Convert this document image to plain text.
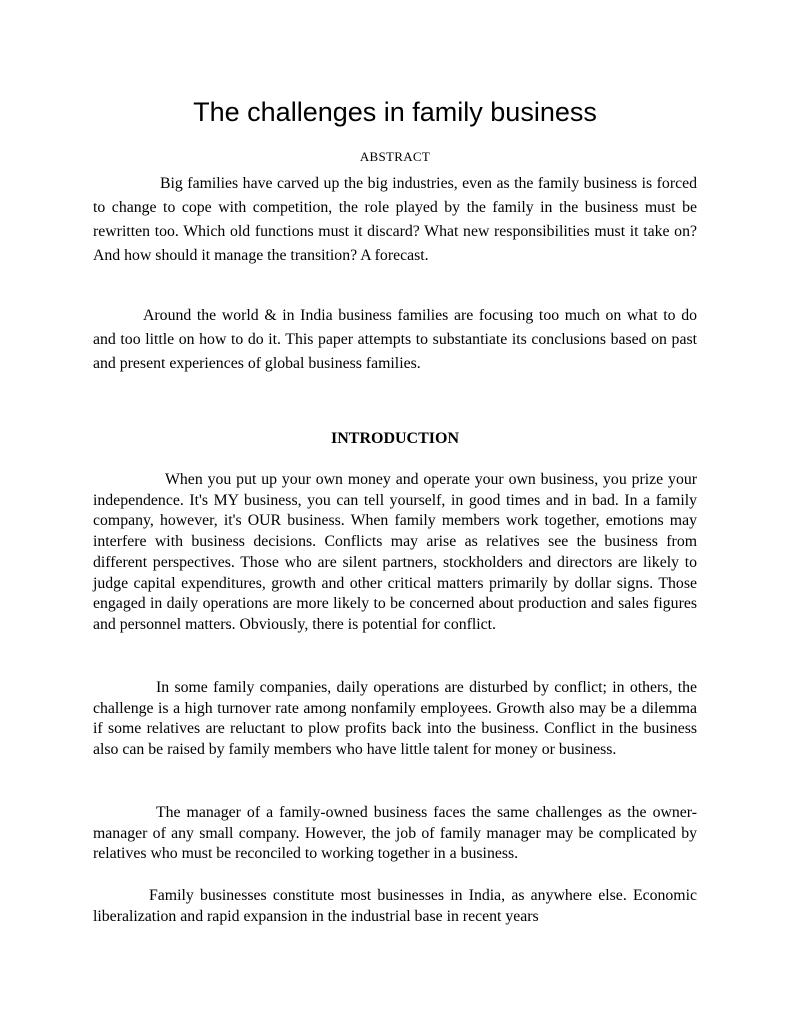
The challenges in family business

ABSTRACT

Big families have carved up the big industries, even as the family business is forced to change to cope with competition, the role played by the family in the business must be rewritten too. Which old functions must it discard? What new responsibilities must it take on? And how should it manage the transition? A forecast.

Around the world & in India business families are focusing too much on what to do and too little on how to do it. This paper attempts to substantiate its conclusions based on past and present experiences of global business families.

INTRODUCTION

When you put up your own money and operate your own business, you prize your independence. It's MY business, you can tell yourself, in good times and in bad. In a family company, however, it's OUR business. When family members work together, emotions may interfere with business decisions. Conflicts may arise as relatives see the business from different perspectives. Those who are silent partners, stockholders and directors are likely to judge capital expenditures, growth and other critical matters primarily by dollar signs. Those engaged in daily operations are more likely to be concerned about production and sales figures and personnel matters. Obviously, there is potential for conflict.

In some family companies, daily operations are disturbed by conflict; in others, the challenge is a high turnover rate among nonfamily employees. Growth also may be a dilemma if some relatives are reluctant to plow profits back into the business. Conflict in the business also can be raised by family members who have little talent for money or business.

The manager of a family-owned business faces the same challenges as the owner-manager of any small company. However, the job of family manager may be complicated by relatives who must be reconciled to working together in a business.

Family businesses constitute most businesses in India, as anywhere else. Economic liberalization and rapid expansion in the industrial base in recent years
